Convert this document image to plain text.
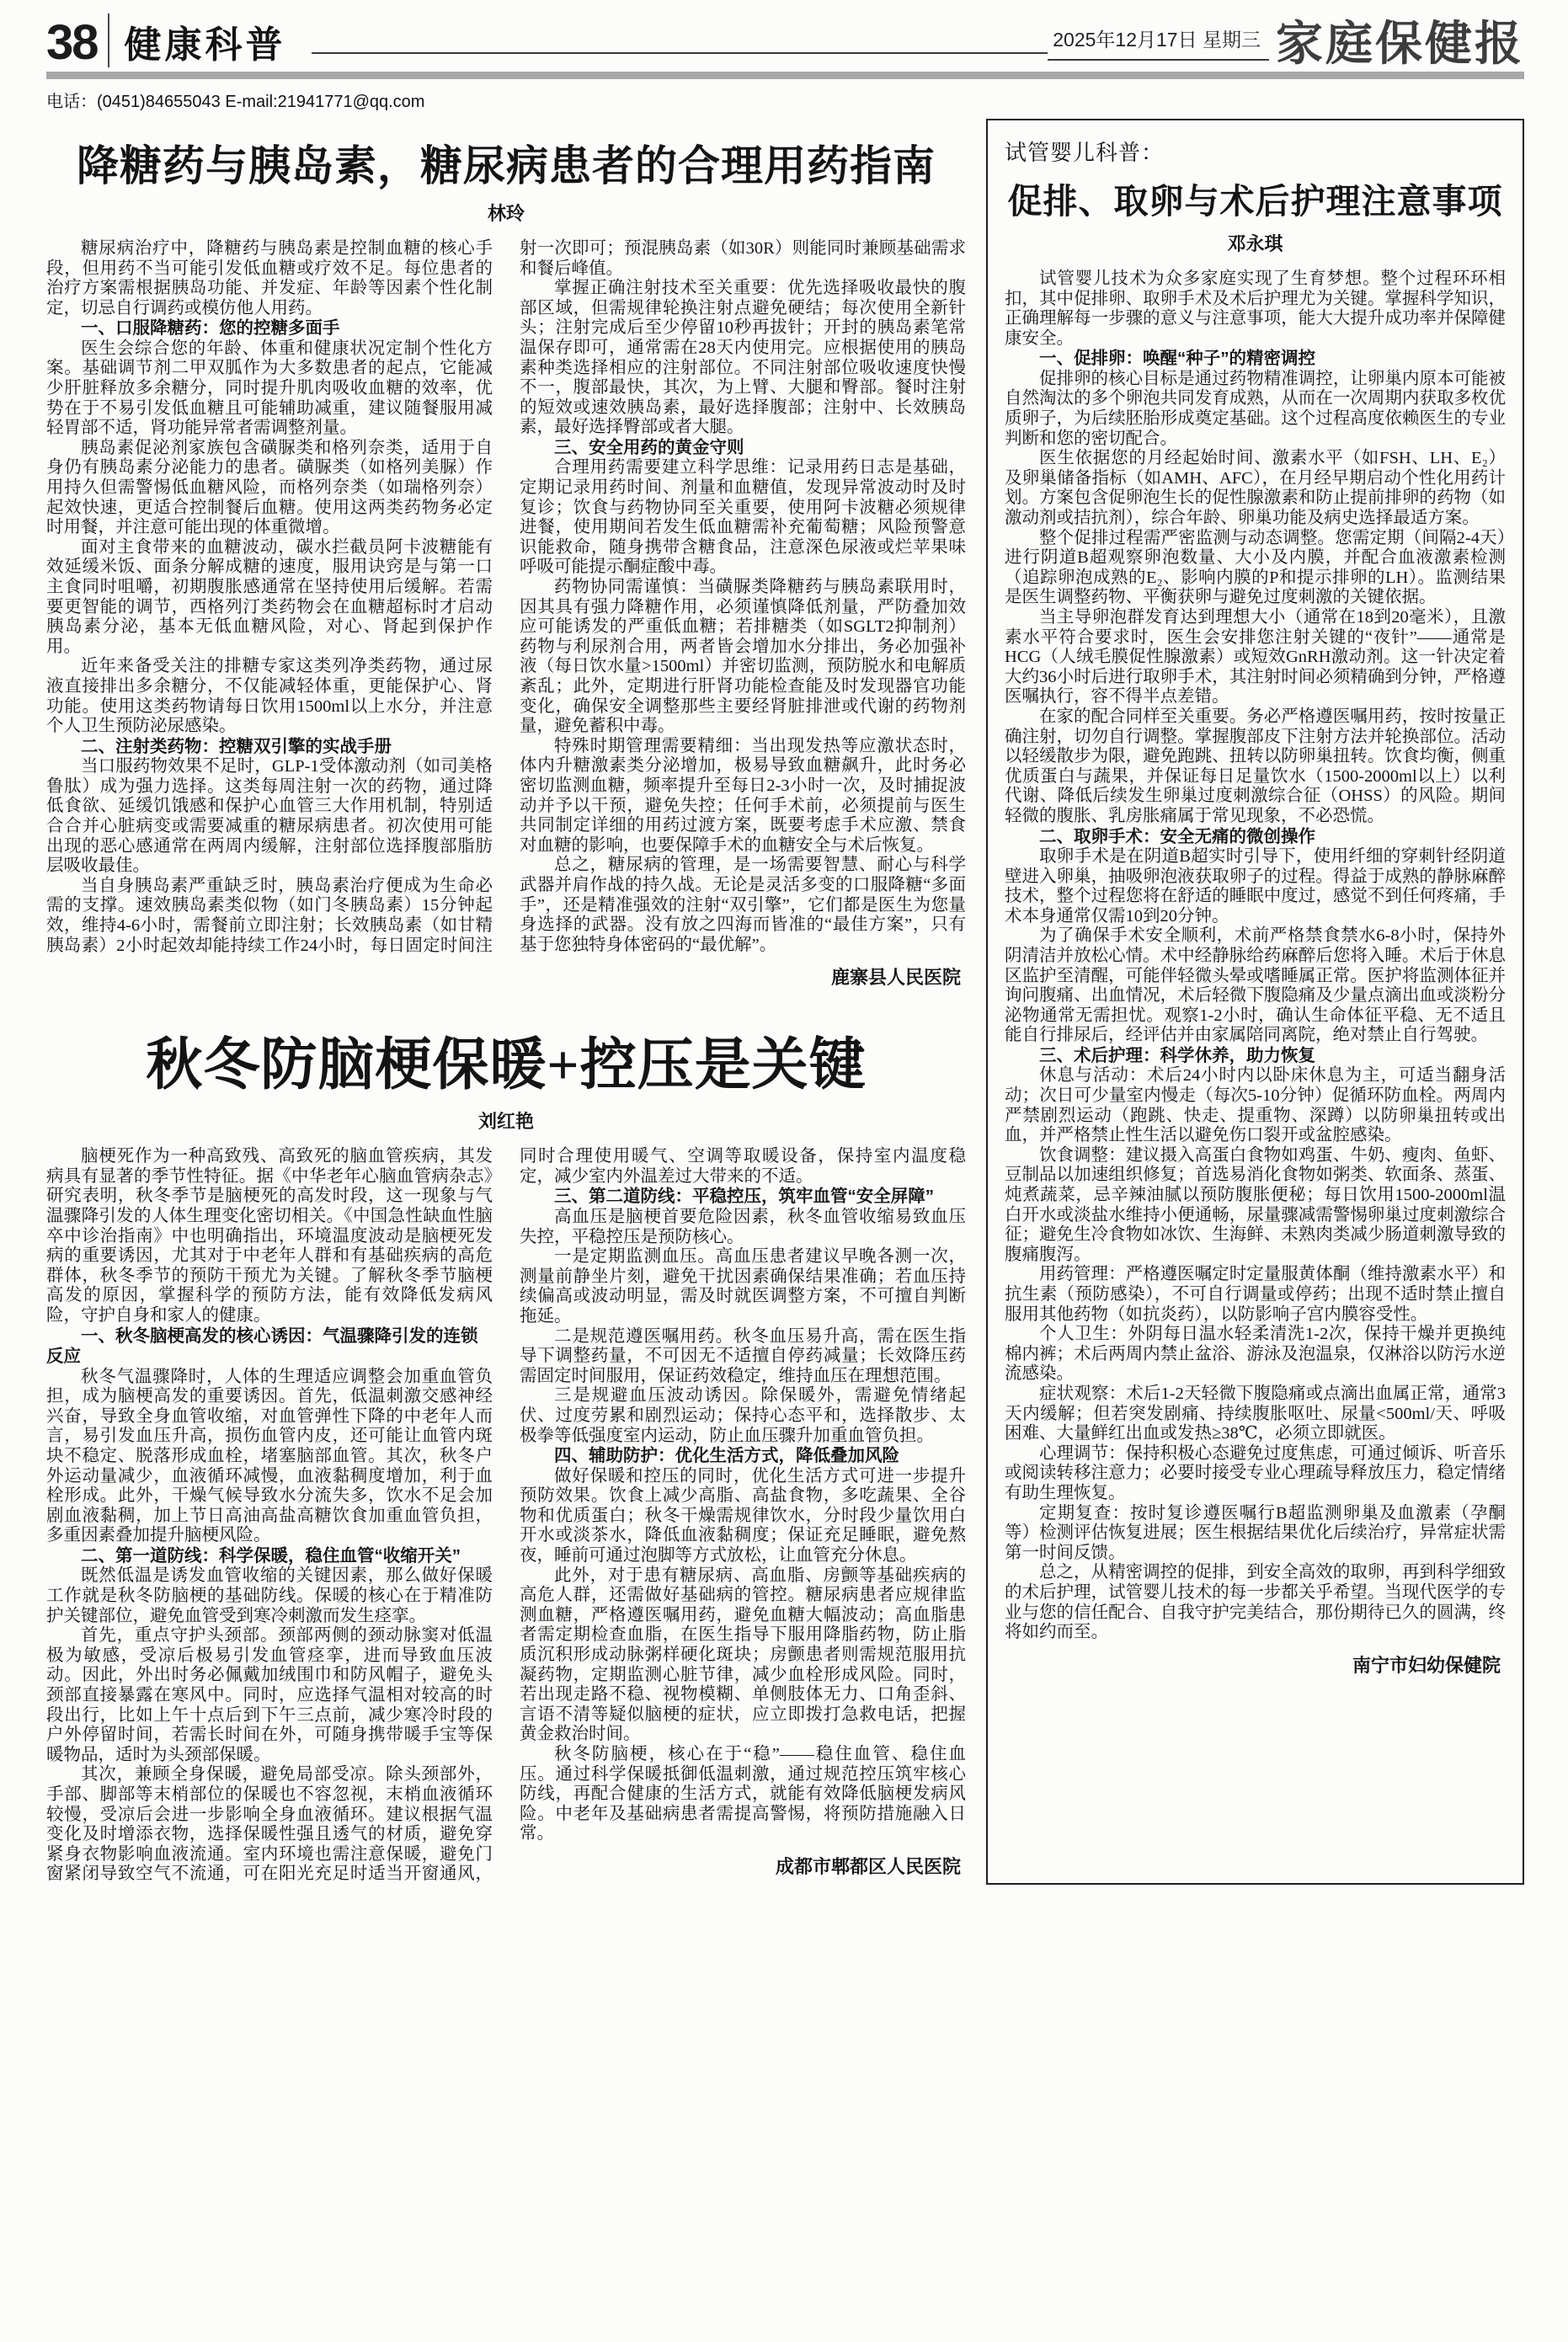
38 健康科普	2025年12月17日 星期三 家庭保健报
电话：(0451)84655043 E-mail:21941771@qq.com
降糖药与胰岛素，糖尿病患者的合理用药指南
林玲

糖尿病治疗中，降糖药与胰岛素是控制血糖的核心手段，但用药不当可能引发低血糖或疗效不足。每位患者的治疗方案需根据胰岛功能、并发症、年龄等因素个性化制定，切忌自行调药或模仿他人用药。

一、口服降糖药：您的控糖多面手

医生会综合您的年龄、体重和健康状况定制个性化方案。基础调节剂二甲双胍作为大多数患者的起点，它能减少肝脏释放多余糖分，同时提升肌肉吸收血糖的效率，优势在于不易引发低血糖且可能辅助减重，建议随餐服用减轻胃部不适，肾功能异常者需调整剂量。

胰岛素促泌剂家族包含磺脲类和格列奈类，适用于自身仍有胰岛素分泌能力的患者。磺脲类（如格列美脲）作用持久但需警惕低血糖风险，而格列奈类（如瑞格列奈）起效快速，更适合控制餐后血糖。使用这两类药物务必定时用餐，并注意可能出现的体重微增。

面对主食带来的血糖波动，碳水拦截员阿卡波糖能有效延缓米饭、面条分解成糖的速度，服用诀窍是与第一口主食同时咀嚼，初期腹胀感通常在坚持使用后缓解。若需要更智能的调节，西格列汀类药物会在血糖超标时才启动胰岛素分泌，基本无低血糖风险，对心、肾起到保护作用。

近年来备受关注的排糖专家这类列净类药物，通过尿液直接排出多余糖分，不仅能减轻体重，更能保护心、肾功能。使用这类药物请每日饮用1500ml以上水分，并注意个人卫生预防泌尿感染。

二、注射类药物：控糖双引擎的实战手册

当口服药物效果不足时，GLP-1受体激动剂（如司美格鲁肽）成为强力选择。这类每周注射一次的药物，通过降低食欲、延缓饥饿感和保护心血管三大作用机制，特别适合合并心脏病变或需要减重的糖尿病患者。初次使用可能出现的恶心感通常在两周内缓解，注射部位选择腹部脂肪层吸收最佳。

当自身胰岛素严重缺乏时，胰岛素治疗便成为生命必需的支撑。速效胰岛素类似物（如门冬胰岛素）15分钟起效，维持4-6小时，需餐前立即注射；长效胰岛素（如甘精胰岛素）2小时起效却能持续工作24小时，每日固定时间注射一次即可；预混胰岛素（如30R）则能同时兼顾基础需求和餐后峰值。

掌握正确注射技术至关重要：优先选择吸收最快的腹部区域，但需规律轮换注射点避免硬结；每次使用全新针头；注射完成后至少停留10秒再拔针；开封的胰岛素笔常温保存即可，通常需在28天内使用完。应根据使用的胰岛素种类选择相应的注射部位。不同注射部位吸收速度快慢不一，腹部最快，其次，为上臂、大腿和臀部。餐时注射的短效或速效胰岛素，最好选择腹部；注射中、长效胰岛素，最好选择臀部或者大腿。

三、安全用药的黄金守则

合理用药需要建立科学思维：记录用药日志是基础，定期记录用药时间、剂量和血糖值，发现异常波动时及时复诊；饮食与药物协同至关重要，使用阿卡波糖必须规律进餐，使用期间若发生低血糖需补充葡萄糖；风险预警意识能救命，随身携带含糖食品，注意深色尿液或烂苹果味呼吸可能提示酮症酸中毒。

药物协同需谨慎：当磺脲类降糖药与胰岛素联用时，因其具有强力降糖作用，必须谨慎降低剂量，严防叠加效应可能诱发的严重低血糖；若排糖类（如SGLT2抑制剂）药物与利尿剂合用，两者皆会增加水分排出，务必加强补液（每日饮水量>1500ml）并密切监测，预防脱水和电解质紊乱；此外，定期进行肝肾功能检查能及时发现器官功能变化，确保安全调整那些主要经肾脏排泄或代谢的药物剂量，避免蓄积中毒。

特殊时期管理需要精细：当出现发热等应激状态时，体内升糖激素类分泌增加，极易导致血糖飙升，此时务必密切监测血糖，频率提升至每日2-3小时一次，及时捕捉波动并予以干预，避免失控；任何手术前，必须提前与医生共同制定详细的用药过渡方案，既要考虑手术应激、禁食对血糖的影响，也要保障手术的血糖安全与术后恢复。

总之，糖尿病的管理，是一场需要智慧、耐心与科学武器并肩作战的持久战。无论是灵活多变的口服降糖“多面手”，还是精准强效的注射“双引擎”，它们都是医生为您量身选择的武器。没有放之四海而皆准的“最佳方案”，只有基于您独特身体密码的“最优解”。

鹿寨县人民医院
秋冬防脑梗保暖+控压是关键
刘红艳

脑梗死作为一种高致残、高致死的脑血管疾病，其发病具有显著的季节性特征。据《中华老年心脑血管病杂志》研究表明，秋冬季节是脑梗死的高发时段，这一现象与气温骤降引发的人体生理变化密切相关。《中国急性缺血性脑卒中诊治指南》中也明确指出，环境温度波动是脑梗死发病的重要诱因，尤其对于中老年人群和有基础疾病的高危群体，秋冬季节的预防干预尤为关键。了解秋冬季节脑梗高发的原因，掌握科学的预防方法，能有效降低发病风险，守护自身和家人的健康。

一、秋冬脑梗高发的核心诱因：气温骤降引发的连锁反应

秋冬气温骤降时，人体的生理适应调整会加重血管负担，成为脑梗高发的重要诱因。首先，低温刺激交感神经兴奋，导致全身血管收缩，对血管弹性下降的中老年人而言，易引发血压升高，损伤血管内皮，还可能让血管内斑块不稳定、脱落形成血栓，堵塞脑部血管。其次，秋冬户外运动量减少，血液循环减慢，血液黏稠度增加，利于血栓形成。此外，干燥气候导致水分流失多，饮水不足会加剧血液黏稠，加上节日高油高盐高糖饮食加重血管负担，多重因素叠加提升脑梗风险。

二、第一道防线：科学保暖，稳住血管“收缩开关”

既然低温是诱发血管收缩的关键因素，那么做好保暖工作就是秋冬防脑梗的基础防线。保暖的核心在于精准防护关键部位，避免血管受到寒冷刺激而发生痉挛。

首先，重点守护头颈部。颈部两侧的颈动脉窦对低温极为敏感，受凉后极易引发血管痉挛，进而导致血压波动。因此，外出时务必佩戴加绒围巾和防风帽子，避免头颈部直接暴露在寒风中。同时，应选择气温相对较高的时段出行，比如上午十点后到下午三点前，减少寒冷时段的户外停留时间，若需长时间在外，可随身携带暖手宝等保暖物品，适时为头颈部保暖。

其次，兼顾全身保暖，避免局部受凉。除头颈部外，手部、脚部等末梢部位的保暖也不容忽视，末梢血液循环较慢，受凉后会进一步影响全身血液循环。建议根据气温变化及时增添衣物，选择保暖性强且透气的材质，避免穿紧身衣物影响血液流通。室内环境也需注意保暖，避免门窗紧闭导致空气不流通，可在阳光充足时适当开窗通风，同时合理使用暖气、空调等取暖设备，保持室内温度稳定，减少室内外温差过大带来的不适。

三、第二道防线：平稳控压，筑牢血管“安全屏障”

高血压是脑梗首要危险因素，秋冬血管收缩易致血压失控，平稳控压是预防核心。

一是定期监测血压。高血压患者建议早晚各测一次，测量前静坐片刻，避免干扰因素确保结果准确；若血压持续偏高或波动明显，需及时就医调整方案，不可擅自判断拖延。

二是规范遵医嘱用药。秋冬血压易升高，需在医生指导下调整药量，不可因无不适擅自停药减量；长效降压药需固定时间服用，保证药效稳定，维持血压在理想范围。

三是规避血压波动诱因。除保暖外，需避免情绪起伏、过度劳累和剧烈运动；保持心态平和，选择散步、太极拳等低强度室内运动，防止血压骤升加重血管负担。

四、辅助防护：优化生活方式，降低叠加风险

做好保暖和控压的同时，优化生活方式可进一步提升预防效果。饮食上减少高脂、高盐食物，多吃蔬果、全谷物和优质蛋白；秋冬干燥需规律饮水，分时段少量饮用白开水或淡茶水，降低血液黏稠度；保证充足睡眠，避免熬夜，睡前可通过泡脚等方式放松，让血管充分休息。

此外，对于患有糖尿病、高血脂、房颤等基础疾病的高危人群，还需做好基础病的管控。糖尿病患者应规律监测血糖，严格遵医嘱用药，避免血糖大幅波动；高血脂患者需定期检查血脂，在医生指导下服用降脂药物，防止脂质沉积形成动脉粥样硬化斑块；房颤患者则需规范服用抗凝药物，定期监测心脏节律，减少血栓形成风险。同时，若出现走路不稳、视物模糊、单侧肢体无力、口角歪斜、言语不清等疑似脑梗的症状，应立即拨打急救电话，把握黄金救治时间。

秋冬防脑梗，核心在于“稳”——稳住血管、稳住血压。通过科学保暖抵御低温刺激，通过规范控压筑牢核心防线，再配合健康的生活方式，就能有效降低脑梗发病风险。中老年及基础病患者需提高警惕，将预防措施融入日常。

成都市郫都区人民医院
试管婴儿科普：
促排、取卵与术后护理注意事项
邓永琪

试管婴儿技术为众多家庭实现了生育梦想。整个过程环环相扣，其中促排卵、取卵手术及术后护理尤为关键。掌握科学知识，正确理解每一步骤的意义与注意事项，能大大提升成功率并保障健康安全。

一、促排卵：唤醒“种子”的精密调控

促排卵的核心目标是通过药物精准调控，让卵巢内原本可能被自然淘汰的多个卵泡共同发育成熟，从而在一次周期内获取多枚优质卵子，为后续胚胎形成奠定基础。这个过程高度依赖医生的专业判断和您的密切配合。

医生依据您的月经起始时间、激素水平（如FSH、LH、E₂）及卵巢储备指标（如AMH、AFC），在月经早期启动个性化用药计划。方案包含促卵泡生长的促性腺激素和防止提前排卵的药物（如激动剂或拮抗剂），综合年龄、卵巢功能及病史选择最适方案。

整个促排过程需严密监测与动态调整。您需定期（间隔2-4天）进行阴道B超观察卵泡数量、大小及内膜，并配合血液激素检测（追踪卵泡成熟的E₂、影响内膜的P和提示排卵的LH）。监测结果是医生调整药物、平衡获卵与避免过度刺激的关键依据。

当主导卵泡群发育达到理想大小（通常在18到20毫米），且激素水平符合要求时，医生会安排您注射关键的“夜针”——通常是HCG（人绒毛膜促性腺激素）或短效GnRH激动剂。这一针决定着大约36小时后进行取卵手术，其注射时间必须精确到分钟，严格遵医嘱执行，容不得半点差错。

在家的配合同样至关重要。务必严格遵医嘱用药，按时按量正确注射，切勿自行调整。掌握腹部皮下注射方法并轮换部位。活动以轻缓散步为限，避免跑跳、扭转以防卵巢扭转。饮食均衡，侧重优质蛋白与蔬果，并保证每日足量饮水（1500-2000ml以上）以利代谢、降低后续发生卵巢过度刺激综合征（OHSS）的风险。期间轻微的腹胀、乳房胀痛属于常见现象，不必恐慌。

二、取卵手术：安全无痛的微创操作

取卵手术是在阴道B超实时引导下，使用纤细的穿刺针经阴道壁进入卵巢，抽吸卵泡液获取卵子的过程。得益于成熟的静脉麻醉技术，整个过程您将在舒适的睡眠中度过，感觉不到任何疼痛，手术本身通常仅需10到20分钟。

为了确保手术安全顺利，术前严格禁食禁水6-8小时，保持外阴清洁并放松心情。术中经静脉给药麻醉后您将入睡。术后于休息区监护至清醒，可能伴轻微头晕或嗜睡属正常。医护将监测体征并询问腹痛、出血情况，术后轻微下腹隐痛及少量点滴出血或淡粉分泌物通常无需担忧。观察1-2小时，确认生命体征平稳、无不适且能自行排尿后，经评估并由家属陪同离院，绝对禁止自行驾驶。

三、术后护理：科学休养，助力恢复

休息与活动：术后24小时内以卧床休息为主，可适当翻身活动；次日可少量室内慢走（每次5-10分钟）促循环防血栓。两周内严禁剧烈运动（跑跳、快走、提重物、深蹲）以防卵巢扭转或出血，并严格禁止性生活以避免伤口裂开或盆腔感染。

饮食调整：建议摄入高蛋白食物如鸡蛋、牛奶、瘦肉、鱼虾、豆制品以加速组织修复；首选易消化食物如粥类、软面条、蒸蛋、炖煮蔬菜，忌辛辣油腻以预防腹胀便秘；每日饮用1500-2000ml温白开水或淡盐水维持小便通畅，尿量骤减需警惕卵巢过度刺激综合征；避免生冷食物如冰饮、生海鲜、未熟肉类减少肠道刺激导致的腹痛腹泻。

用药管理：严格遵医嘱定时定量服黄体酮（维持激素水平）和抗生素（预防感染），不可自行调量或停药；出现不适时禁止擅自服用其他药物（如抗炎药），以防影响子宫内膜容受性。

个人卫生：外阴每日温水轻柔清洗1-2次，保持干燥并更换纯棉内裤；术后两周内禁止盆浴、游泳及泡温泉，仅淋浴以防污水逆流感染。

症状观察：术后1-2天轻微下腹隐痛或点滴出血属正常，通常3天内缓解；但若突发剧痛、持续腹胀呕吐、尿量<500ml/天、呼吸困难、大量鲜红出血或发热≥38℃，必须立即就医。

心理调节：保持积极心态避免过度焦虑，可通过倾诉、听音乐或阅读转移注意力；必要时接受专业心理疏导释放压力，稳定情绪有助生理恢复。

定期复查：按时复诊遵医嘱行B超监测卵巢及血激素（孕酮等）检测评估恢复进展；医生根据结果优化后续治疗，异常症状需第一时间反馈。

总之，从精密调控的促排，到安全高效的取卵，再到科学细致的术后护理，试管婴儿技术的每一步都关乎希望。当现代医学的专业与您的信任配合、自我守护完美结合，那份期待已久的圆满，终将如约而至。

南宁市妇幼保健院
